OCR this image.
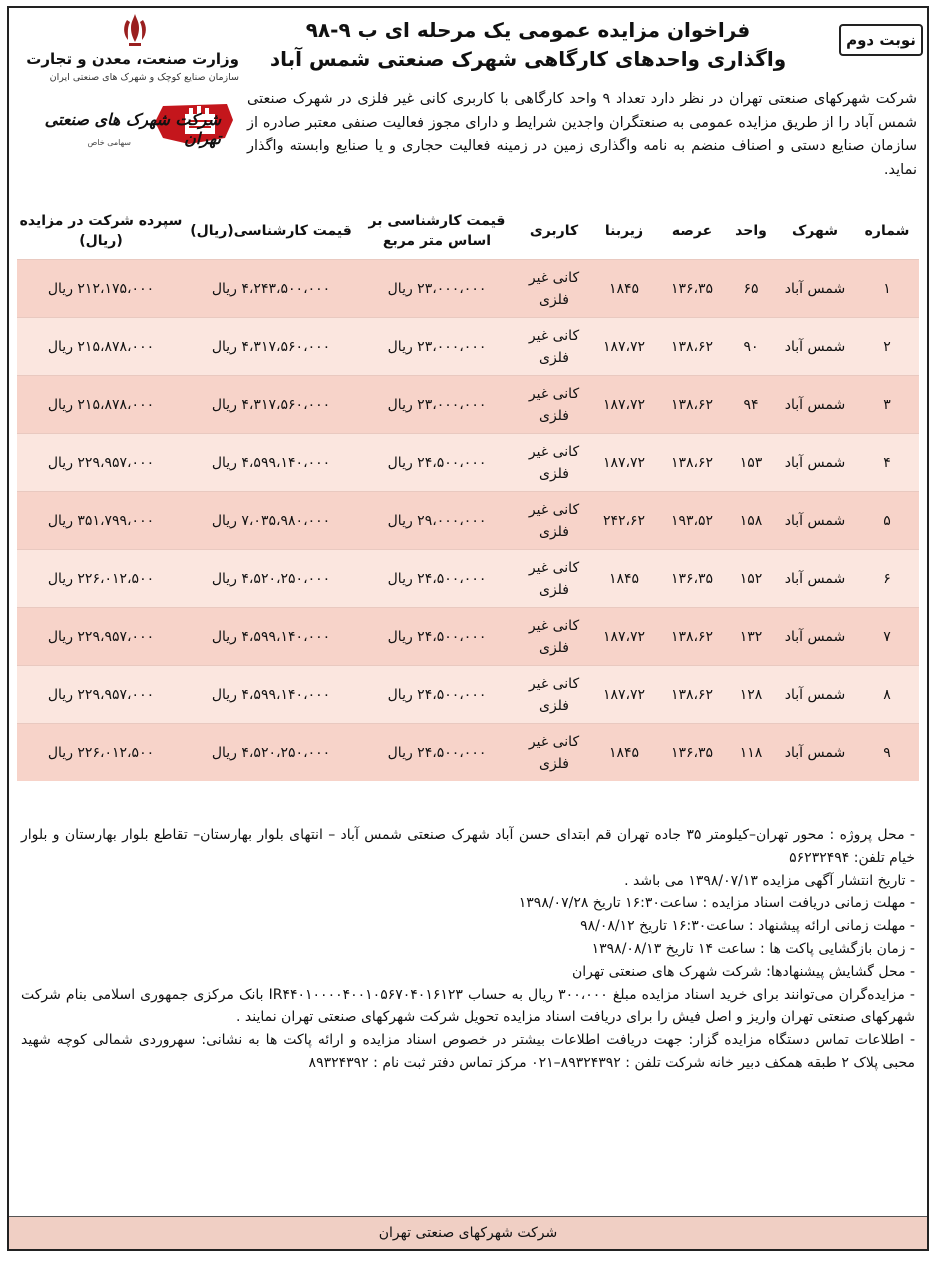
نوبت دوم
فراخوان مزایده عمومی یک مرحله ای ب ۹-۹۸
واگذاری واحدهای کارگاهی شهرک صنعتی شمس آباد
وزارت صنعت، معدن و تجارت
سازمان صنایع کوچک و شهرک های صنعتی ایران
شرکت شهرک های صنعتی تهران
سهامی خاص
شرکت شهرکهای صنعتی تهران در نظر دارد تعداد ۹ واحد کارگاهی با کاربری کانی غیر فلزی در شهرک صنعتی شمس آباد را از طریق مزایده عمومی به صنعتگران واجدین شرایط و دارای مجوز فعالیت صنفی معتبر صادره از سازمان صنایع دستی و اصناف منضم به نامه واگذاری زمین در زمینه فعالیت حجاری و یا صنایع وابسته واگذار نماید.
شماره	شهرک	واحد	عرصه	زیربنا	کاربری	قیمت کارشناسی بر اساس متر مربع	قیمت کارشناسی(ریال)	سپرده شرکت در مزایده (ریال)
۱	شمس آباد	۶۵	۱۳۶،۳۵	۱۸۴۵	کانی غیر فلزی	۲۳،۰۰۰،۰۰۰ ریال	۴،۲۴۳،۵۰۰،۰۰۰ ریال	۲۱۲،۱۷۵،۰۰۰ ریال
۲	شمس آباد	۹۰	۱۳۸،۶۲	۱۸۷،۷۲	کانی غیر فلزی	۲۳،۰۰۰،۰۰۰ ریال	۴،۳۱۷،۵۶۰،۰۰۰ ریال	۲۱۵،۸۷۸،۰۰۰ ریال
۳	شمس آباد	۹۴	۱۳۸،۶۲	۱۸۷،۷۲	کانی غیر فلزی	۲۳،۰۰۰،۰۰۰ ریال	۴،۳۱۷،۵۶۰،۰۰۰ ریال	۲۱۵،۸۷۸،۰۰۰ ریال
۴	شمس آباد	۱۵۳	۱۳۸،۶۲	۱۸۷،۷۲	کانی غیر فلزی	۲۴،۵۰۰،۰۰۰ ریال	۴،۵۹۹،۱۴۰،۰۰۰ ریال	۲۲۹،۹۵۷،۰۰۰ ریال
۵	شمس آباد	۱۵۸	۱۹۳،۵۲	۲۴۲،۶۲	کانی غیر فلزی	۲۹،۰۰۰،۰۰۰ ریال	۷،۰۳۵،۹۸۰،۰۰۰ ریال	۳۵۱،۷۹۹،۰۰۰ ریال
۶	شمس آباد	۱۵۲	۱۳۶،۳۵	۱۸۴۵	کانی غیر فلزی	۲۴،۵۰۰،۰۰۰ ریال	۴،۵۲۰،۲۵۰،۰۰۰ ریال	۲۲۶،۰۱۲،۵۰۰ ریال
۷	شمس آباد	۱۳۲	۱۳۸،۶۲	۱۸۷،۷۲	کانی غیر فلزی	۲۴،۵۰۰،۰۰۰ ریال	۴،۵۹۹،۱۴۰،۰۰۰ ریال	۲۲۹،۹۵۷،۰۰۰ ریال
۸	شمس آباد	۱۲۸	۱۳۸،۶۲	۱۸۷،۷۲	کانی غیر فلزی	۲۴،۵۰۰،۰۰۰ ریال	۴،۵۹۹،۱۴۰،۰۰۰ ریال	۲۲۹،۹۵۷،۰۰۰ ریال
۹	شمس آباد	۱۱۸	۱۳۶،۳۵	۱۸۴۵	کانی غیر فلزی	۲۴،۵۰۰،۰۰۰ ریال	۴،۵۲۰،۲۵۰،۰۰۰ ریال	۲۲۶،۰۱۲،۵۰۰ ریال

- محل پروژه : محور تهران–کیلومتر ۳۵ جاده تهران قم ابتدای حسن آباد شهرک صنعتی شمس آباد – انتهای بلوار بهارستان– تقاطع بلوار بهارستان و بلوار خیام تلفن: ۵۶۲۳۲۴۹۴

- تاریخ انتشار آگهی مزایده ۱۳۹۸/۰۷/۱۳ می باشد .

- مهلت زمانی دریافت اسناد مزایده : ساعت۱۶:۳۰ تاریخ ۱۳۹۸/۰۷/۲۸

- مهلت زمانی ارائه پیشنهاد : ساعت۱۶:۳۰ تاریخ ۹۸/۰۸/۱۲

- زمان بازگشایی پاکت ها : ساعت ۱۴ تاریخ ۱۳۹۸/۰۸/۱۳

- محل گشایش پیشنهادها: شرکت شهرک های صنعتی تهران

- مزایده‌گران می‌توانند برای خرید اسناد مزایده مبلغ ۳۰۰،۰۰۰ ریال به حساب IR۴۴۰۱۰۰۰۰۴۰۰۱۰۵۶۷۰۴۰۱۶۱۲۳ بانک مرکزی جمهوری اسلامی بنام شرکت شهرکهای صنعتی تهران واریز و اصل فیش را برای دریافت اسناد مزایده تحویل شرکت شهرکهای صنعتی تهران نمایند .

- اطلاعات تماس دستگاه مزایده گزار: جهت دریافت اطلاعات بیشتر در خصوص اسناد مزایده و ارائه پاکت ها به نشانی: سهروردی شمالی کوچه شهید محبی پلاک ۲ طبقه همکف دبیر خانه شرکت تلفن : ۸۹۳۲۴۳۹۲–۰۲۱ مرکز تماس دفتر ثبت نام : ۸۹۳۲۴۳۹۲

شرکت شهرکهای صنعتی تهران
